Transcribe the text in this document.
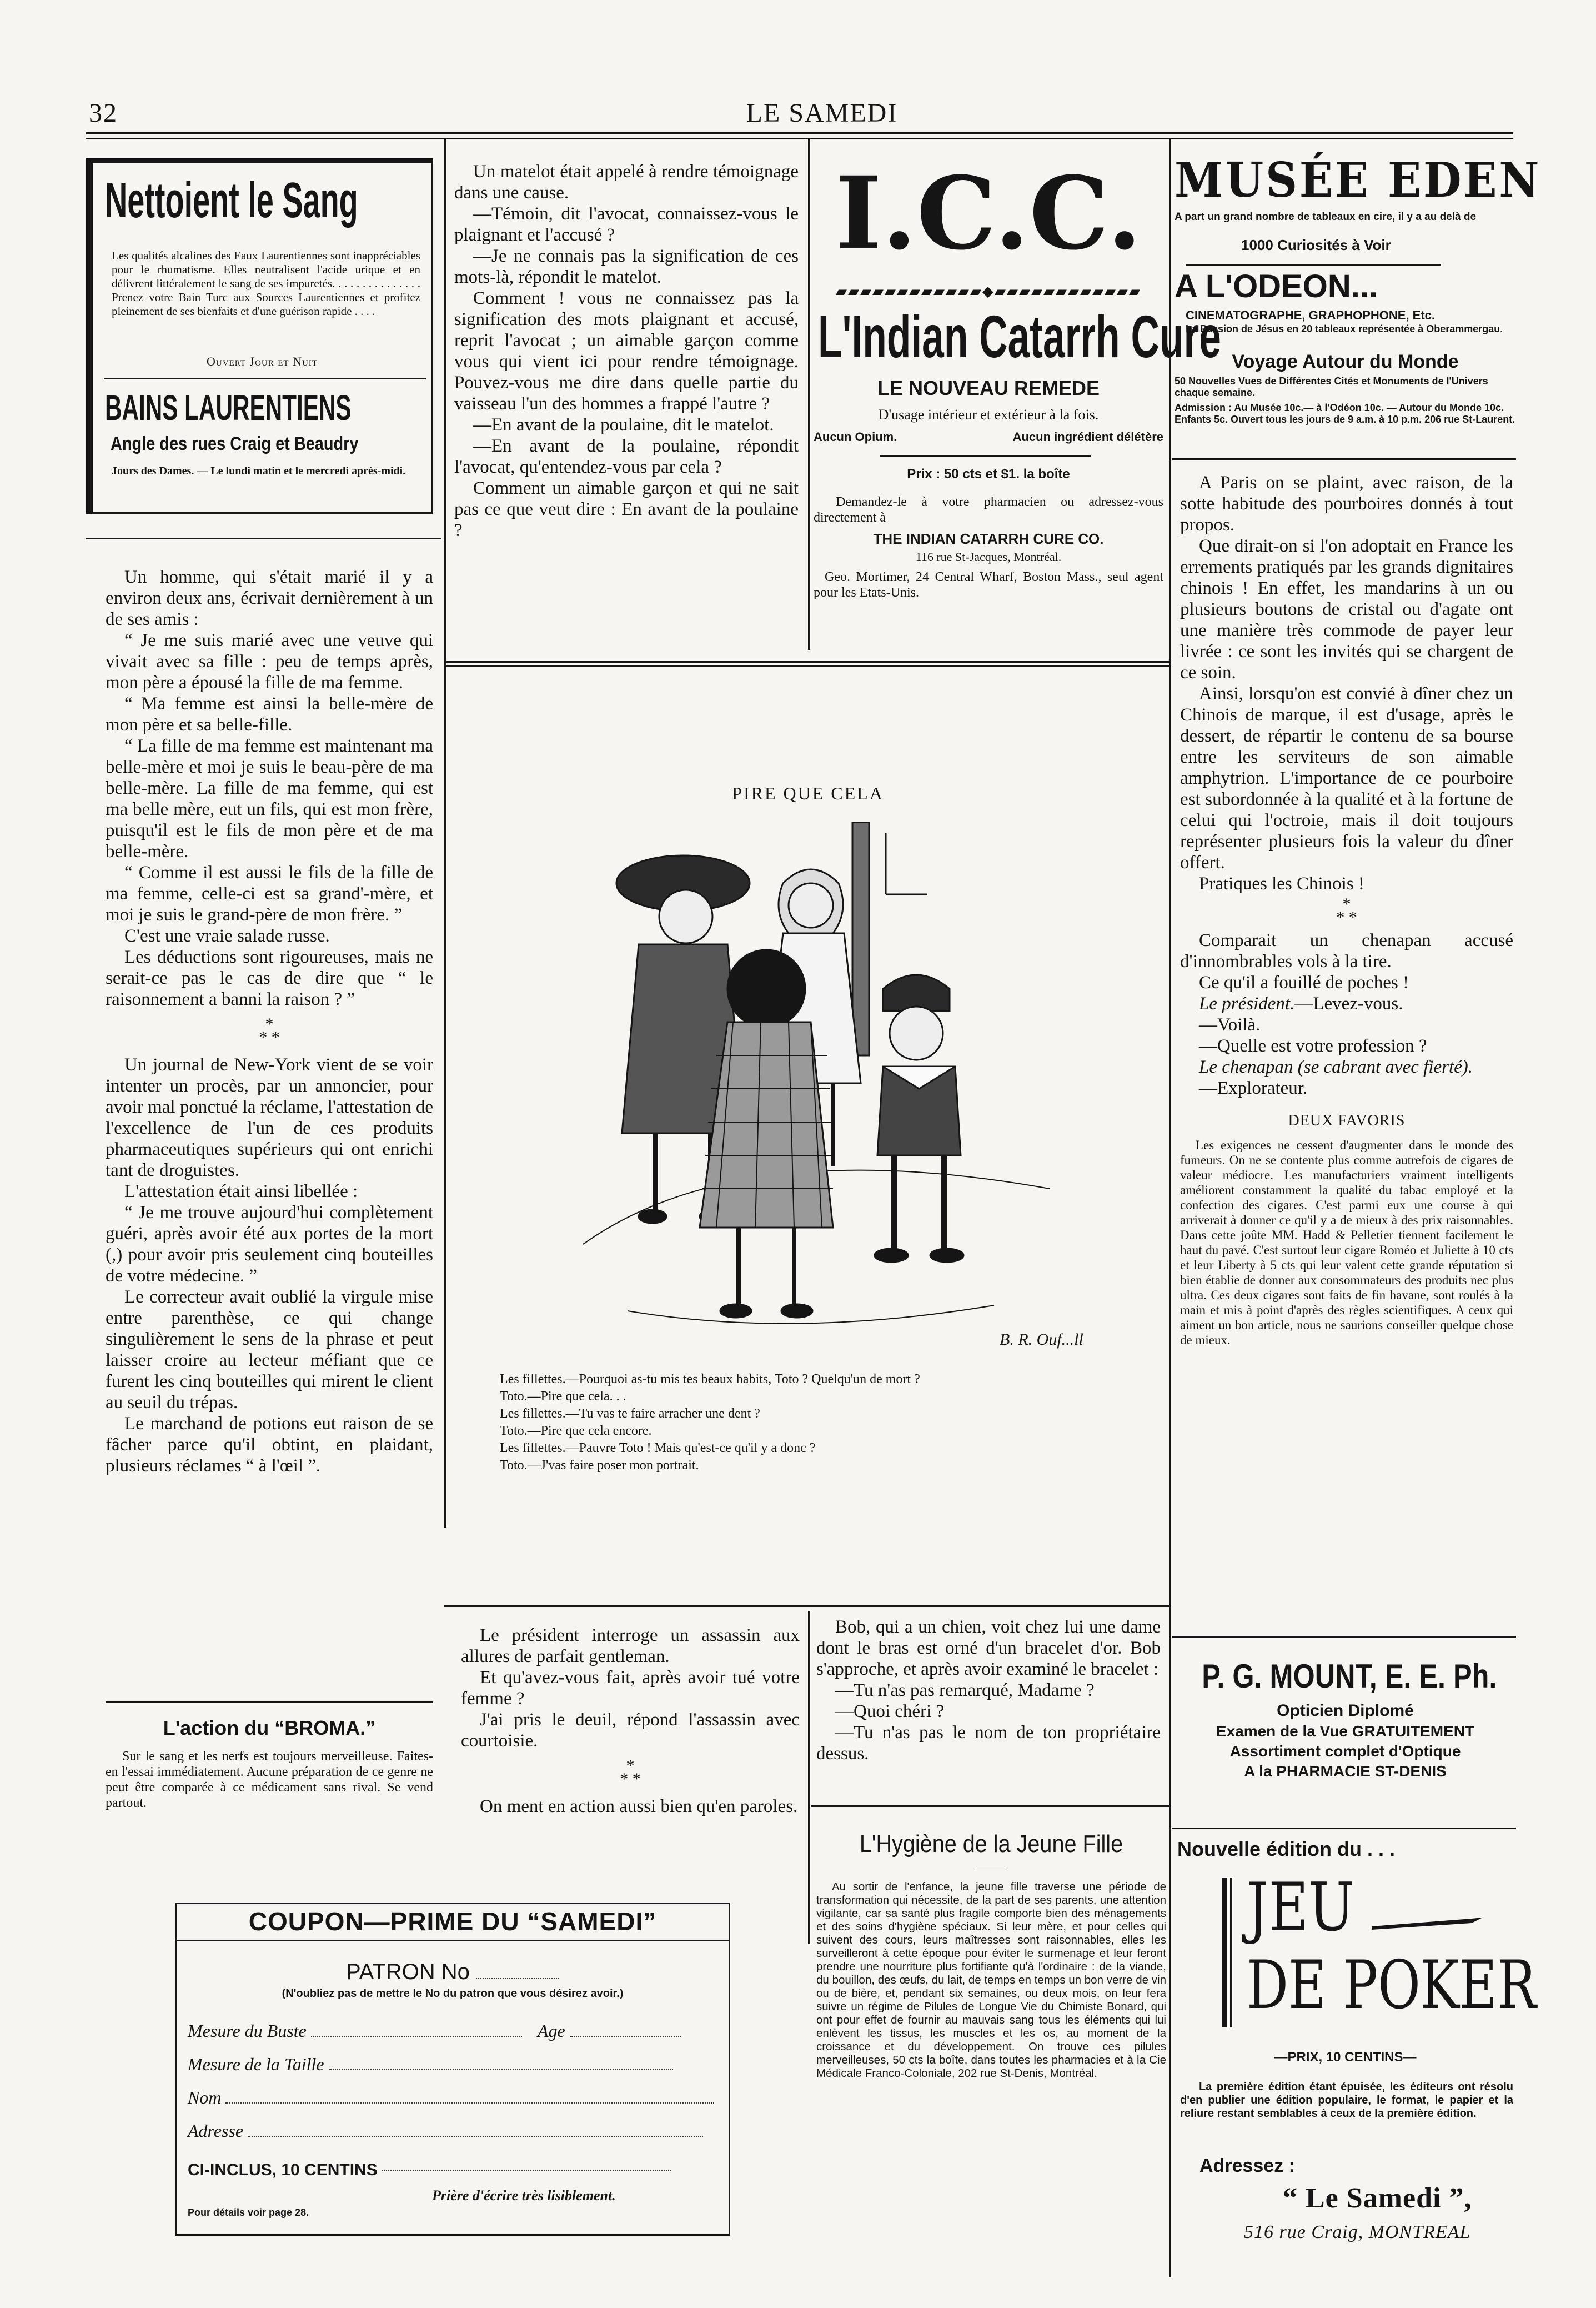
32	LE SAMEDI
Nettoient le Sang
Les qualités alcalines des Eaux Laurentiennes sont inappréciables pour le rhumatisme. Elles neutralisent l'acide urique et en délivrent littéralement le sang de ses impuretés. . . . . . . . . . . . . . . Prenez votre Bain Turc aux Sources Laurentiennes et profitez pleinement de ses bienfaits et d'une guérison rapide . . . .
Ouvert Jour et Nuit
BAINS LAURENTIENS
Angle des rues Craig et Beaudry
Jours des Dames. — Le lundi matin et le mercredi après-midi.

Un homme, qui s'était marié il y a environ deux ans, écrivait dernièrement à un de ses amis :

“ Je me suis marié avec une veuve qui vivait avec sa fille : peu de temps après, mon père a épousé la fille de ma femme.

“ Ma femme est ainsi la belle-mère de mon père et sa belle-fille.

“ La fille de ma femme est maintenant ma belle-mère et moi je suis le beau-père de ma belle-mère. La fille de ma femme, qui est ma belle mère, eut un fils, qui est mon frère, puisqu'il est le fils de mon père et de ma belle-mère.

“ Comme il est aussi le fils de la fille de ma femme, celle-ci est sa grand'-mère, et moi je suis le grand-père de mon frère. ”

C'est une vraie salade russe.

Les déductions sont rigoureuses, mais ne serait-ce pas le cas de dire que “ le raisonnement a banni la raison ? ”

*
* *

Un journal de New-York vient de se voir intenter un procès, par un annoncier, pour avoir mal ponctué la réclame, l'attestation de l'excellence de l'un de ces produits pharmaceutiques supérieurs qui ont enrichi tant de droguistes.

L'attestation était ainsi libellée :

“ Je me trouve aujourd'hui complètement guéri, après avoir été aux portes de la mort (,) pour avoir pris seulement cinq bouteilles de votre médecine. ”

Le correcteur avait oublié la virgule mise entre parenthèse, ce qui change singulièrement le sens de la phrase et peut laisser croire au lecteur méfiant que ce furent les cinq bouteilles qui mirent le client au seuil du trépas.

Le marchand de potions eut raison de se fâcher parce qu'il obtint, en plaidant, plusieurs réclames “ à l'œil ”.

L'action du “BROMA.”
Sur le sang et les nerfs est toujours merveilleuse. Faites-en l'essai immédiatement. Aucune préparation de ce genre ne peut être comparée à ce médicament sans rival. Se vend partout.

Un matelot était appelé à rendre témoignage dans une cause.

—Témoin, dit l'avocat, connaissez-vous le plaignant et l'accusé ?

—Je ne connais pas la signification de ces mots-là, répondit le matelot.

Comment ! vous ne connaissez pas la signification des mots plaignant et accusé, reprit l'avocat ; un aimable garçon comme vous qui vient ici pour rendre témoignage. Pouvez-vous me dire dans quelle partie du vaisseau l'un des hommes a frappé l'autre ?

—En avant de la poulaine, dit le matelot.

—En avant de la poulaine, répondit l'avocat, qu'entendez-vous par cela ?

Comment un aimable garçon et qui ne sait pas ce que veut dire : En avant de la poulaine ?

I.C.C.
▰▰▰▰▰▰▰▰▰▰▰▰◆▰▰▰▰▰▰▰▰▰▰▰▰
L'Indian Catarrh Cure
LE NOUVEAU REMEDE
D'usage intérieur et extérieur à la fois.
Aucun Opium.	Aucun ingrédient délétère
Prix : 50 cts et $1. la boîte
Demandez-le à votre pharmacien ou adressez-vous directement à
THE INDIAN CATARRH CURE CO.
116 rue St-Jacques, Montréal.
Geo. Mortimer, 24 Central Wharf, Boston Mass., seul agent pour les Etats-Unis.
PIRE QUE CELA
B. R. Ouf...ll
Les fillettes.—Pourquoi as-tu mis tes beaux habits, Toto ? Quelqu'un de mort ?
Toto.—Pire que cela. . .
Les fillettes.—Tu vas te faire arracher une dent ?
Toto.—Pire que cela encore.
Les fillettes.—Pauvre Toto ! Mais qu'est-ce qu'il y a donc ?
Toto.—J'vas faire poser mon portrait.

Le président interroge un assassin aux allures de parfait gentleman.

Et qu'avez-vous fait, après avoir tué votre femme ?

J'ai pris le deuil, répond l'assassin avec courtoisie.

*
* *

On ment en action aussi bien qu'en paroles.

Bob, qui a un chien, voit chez lui une dame dont le bras est orné d'un bracelet d'or. Bob s'approche, et après avoir examiné le bracelet :

—Tu n'as pas remarqué, Madame ?

—Quoi chéri ?

—Tu n'as pas le nom de ton propriétaire dessus.

COUPON—PRIME DU “SAMEDI”
PATRON No
(N'oubliez pas de mettre le No du patron que vous désirez avoir.)
Mesure du Buste	Age
Mesure de la Taille
Nom
Adresse
CI-INCLUS, 10 CENTINS
Prière d'écrire très lisiblement.
Pour détails voir page 28.
L'Hygiène de la Jeune Fille
———
Au sortir de l'enfance, la jeune fille traverse une période de transformation qui nécessite, de la part de ses parents, une attention vigilante, car sa santé plus fragile comporte bien des ménagements et des soins d'hygiène spéciaux. Si leur mère, et pour celles qui suivent des cours, leurs maîtresses sont raisonnables, elles les surveilleront à cette époque pour éviter le surmenage et leur feront prendre une nourriture plus fortifiante qu'à l'ordinaire : de la viande, du bouillon, des œufs, du lait, de temps en temps un bon verre de vin ou de bière, et, pendant six semaines, ou deux mois, on leur fera suivre un régime de Pilules de Longue Vie du Chimiste Bonard, qui ont pour effet de fournir au mauvais sang tous les éléments qui lui enlèvent les tissus, les muscles et les os, au moment de la croissance et du développement. On trouve ces pilules merveilleuses, 50 cts la boîte, dans toutes les pharmacies et à la Cie Médicale Franco-Coloniale, 202 rue St-Denis, Montréal.
MUSÉE EDEN
A part un grand nombre de tableaux en cire, il y a au delà de
1000 Curiosités à Voir
A L'ODEON...
CINEMATOGRAPHE, GRAPHOPHONE, Etc.
La Passion de Jésus en 20 tableaux représentée à Oberammergau.
Voyage Autour du Monde
50 Nouvelles Vues de Différentes Cités et Monuments de l'Univers chaque semaine.
Admission : Au Musée 10c.— à l'Odéon 10c. — Autour du Monde 10c. Enfants 5c. Ouvert tous les jours de 9 a.m. à 10 p.m. 206 rue St-Laurent.

A Paris on se plaint, avec raison, de la sotte habitude des pourboires donnés à tout propos.

Que dirait-on si l'on adoptait en France les errements pratiqués par les grands dignitaires chinois ! En effet, les mandarins à un ou plusieurs boutons de cristal ou d'agate ont une manière très commode de payer leur livrée : ce sont les invités qui se chargent de ce soin.

Ainsi, lorsqu'on est convié à dîner chez un Chinois de marque, il est d'usage, après le dessert, de répartir le contenu de sa bourse entre les serviteurs de son aimable amphytrion. L'importance de ce pourboire est subordonnée à la qualité et à la fortune de celui qui l'octroie, mais il doit toujours représenter plusieurs fois la valeur du dîner offert.

Pratiques les Chinois !

*
* *

Comparait un chenapan accusé d'innombrables vols à la tire.

Ce qu'il a fouillé de poches !

Le président.—Levez-vous.

—Voilà.

—Quelle est votre profession ?

Le chenapan (se cabrant avec fierté).

—Explorateur.

DEUX FAVORIS
Les exigences ne cessent d'augmenter dans le monde des fumeurs. On ne se contente plus comme autrefois de cigares de valeur médiocre. Les manufacturiers vraiment intelligents améliorent constamment la qualité du tabac employé et la confection des cigares. C'est parmi eux une course à qui arriverait à donner ce qu'il y a de mieux à des prix raisonnables. Dans cette joûte MM. Hadd & Pelletier tiennent facilement le haut du pavé. C'est surtout leur cigare Roméo et Juliette à 10 cts et leur Liberty à 5 cts qui leur valent cette grande réputation si bien établie de donner aux consommateurs des produits nec plus ultra. Ces deux cigares sont faits de fin havane, sont roulés à la main et mis à point d'après des règles scientifiques. A ceux qui aiment un bon article, nous ne saurions conseiller quelque chose de mieux.
P. G. MOUNT, E. E. Ph.
Opticien Diplomé
Examen de la Vue GRATUITEMENT
Assortiment complet d'Optique
A la PHARMACIE ST-DENIS
Nouvelle édition du . . .
JEU
DE POKER
—PRIX, 10 CENTINS—
La première édition étant épuisée, les éditeurs ont résolu d'en publier une édition populaire, le format, le papier et la reliure restant semblables à ceux de la première édition.
Adressez :
“ Le Samedi ”,
516 rue Craig, MONTREAL
